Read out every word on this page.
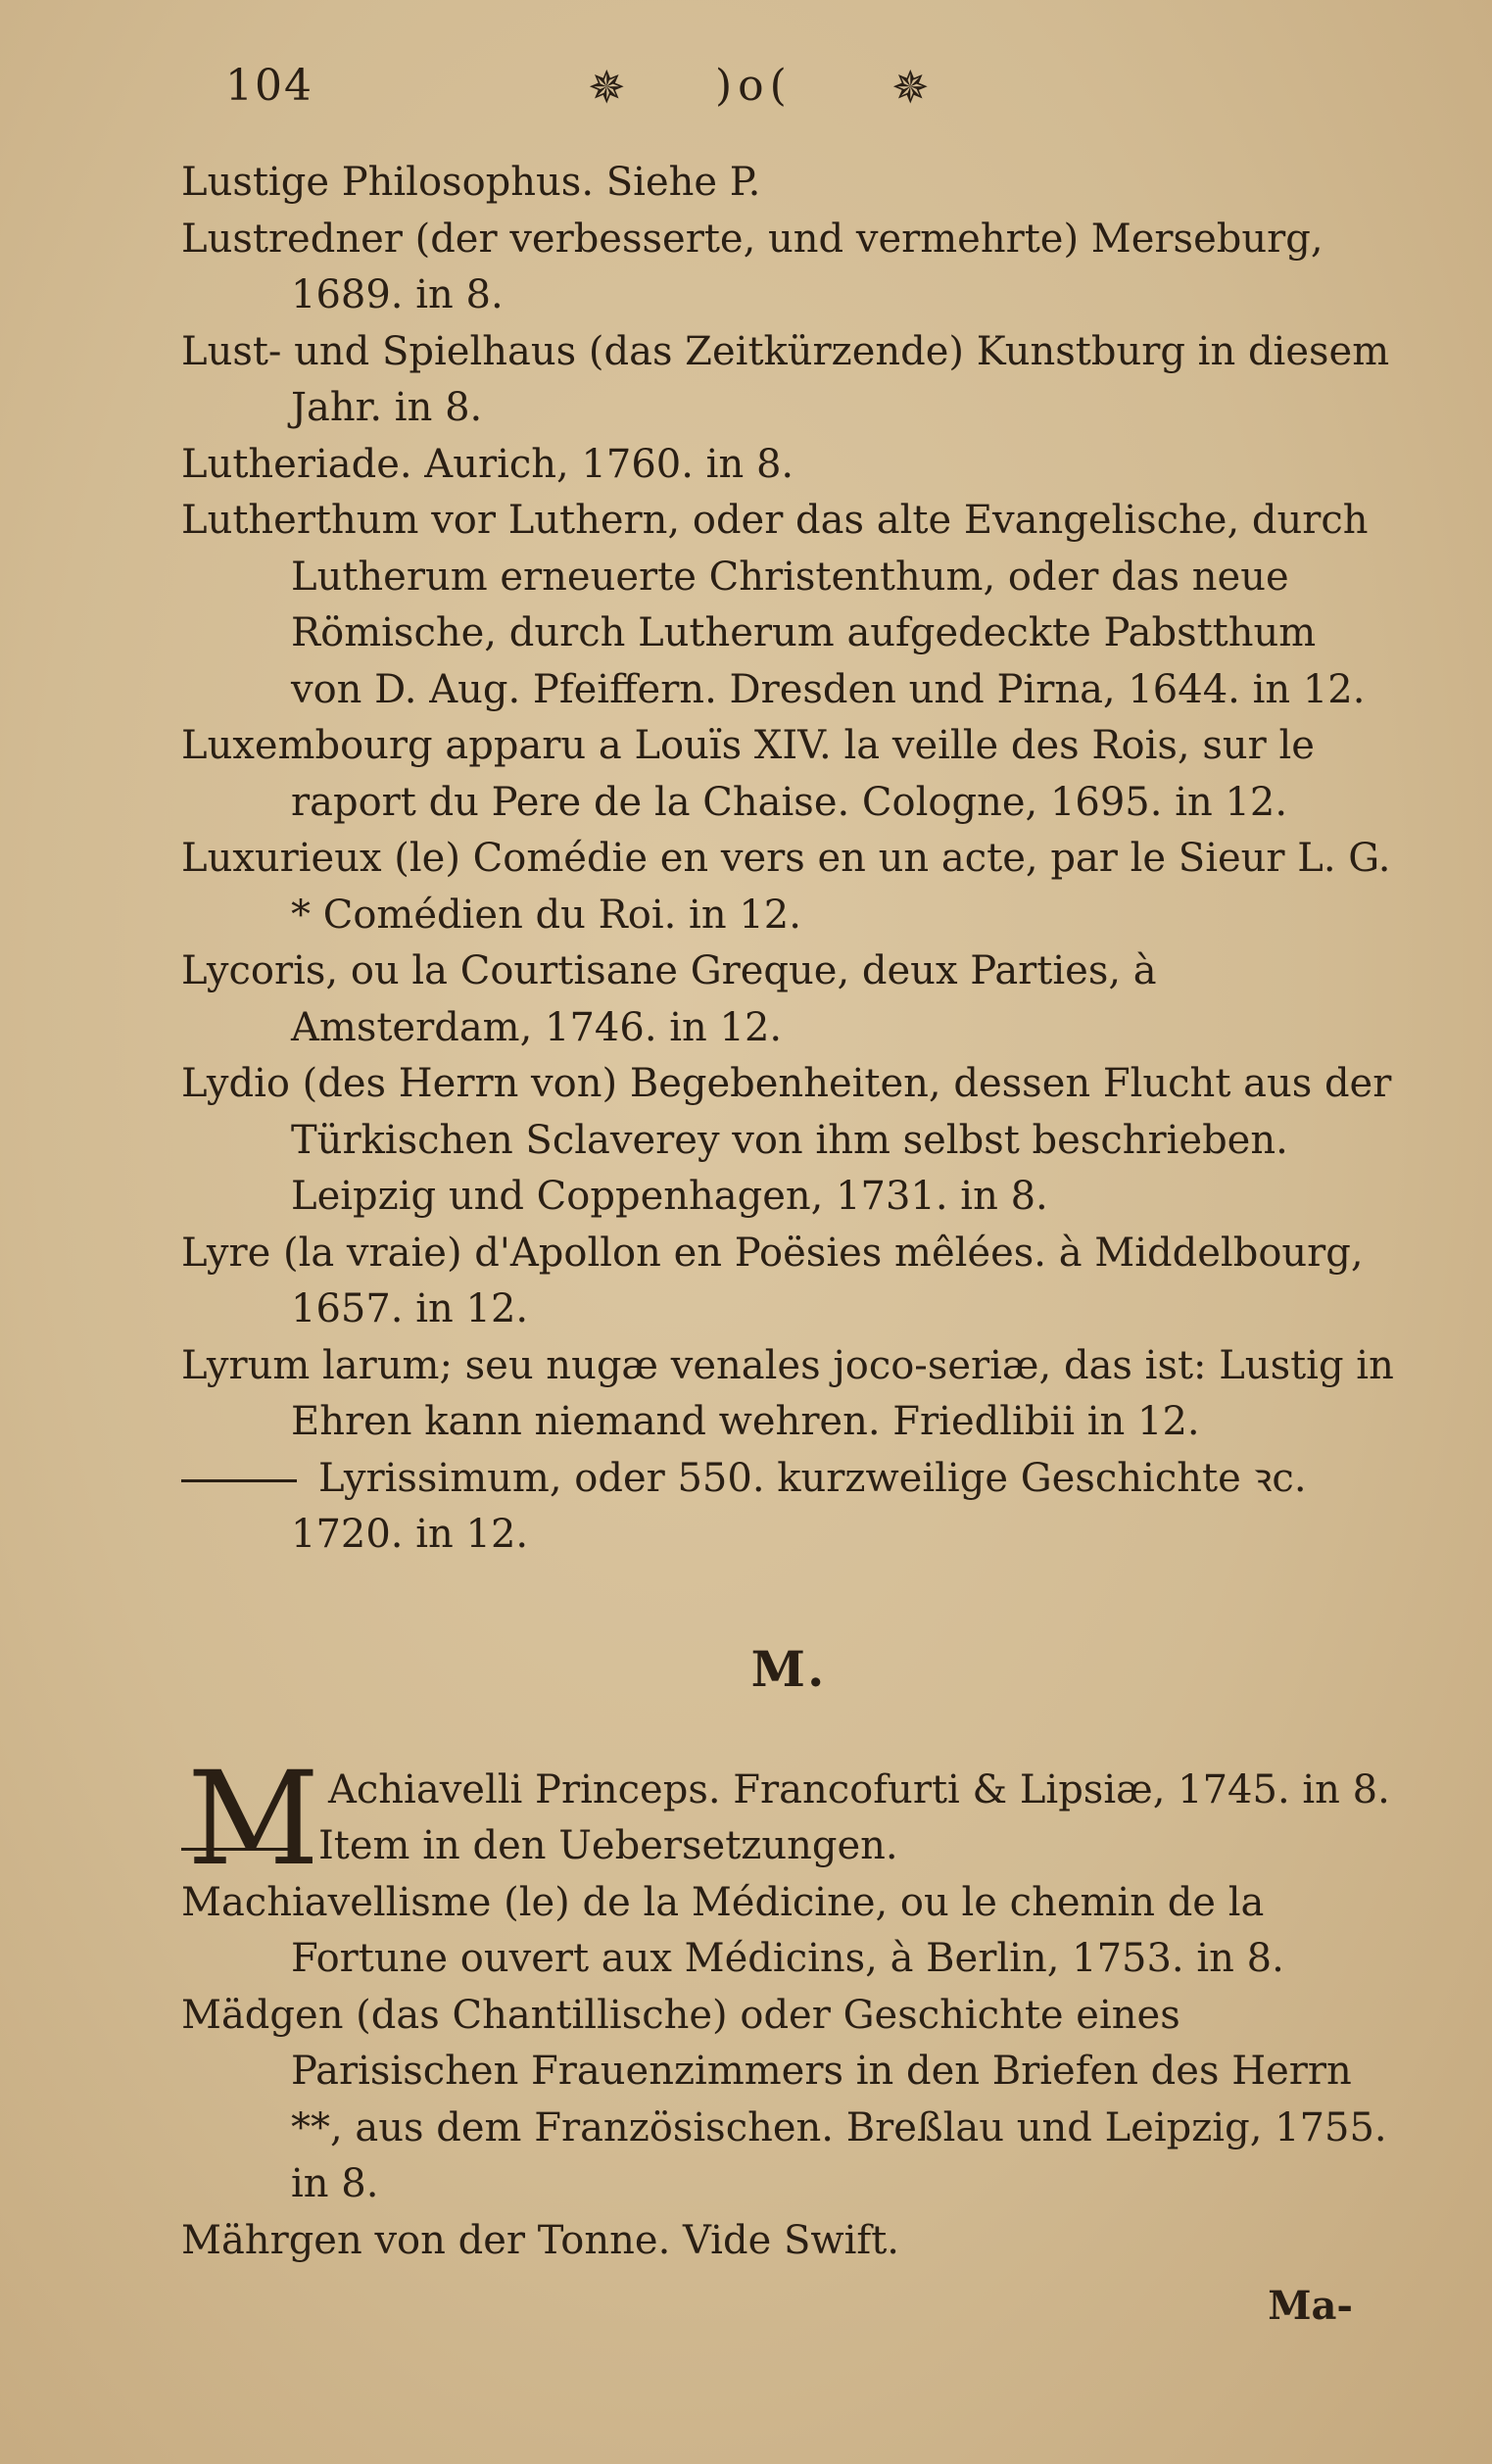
104	✵ )o( ✵

Lustige Philosophus. Siehe P.

Lustredner (der verbesserte, und vermehrte) Merseburg, 1689. in 8.

Lust- und Spielhaus (das Zeitkürzende) Kunstburg in diesem Jahr. in 8.

Lutheriade. Aurich, 1760. in 8.

Lutherthum vor Luthern, oder das alte Evangelische, durch Lutherum erneuerte Christenthum, oder das neue Römische, durch Lutherum aufgedeckte Pabstthum von D. Aug. Pfeiffern. Dresden und Pirna, 1644. in 12.

Luxembourg apparu a Louïs XIV. la veille des Rois, sur le raport du Pere de la Chaise. Cologne, 1695. in 12.

Luxurieux (le) Comédie en vers en un acte, par le Sieur L. G. * Comédien du Roi. in 12.

Lycoris, ou la Courtisane Greque, deux Parties, à Amsterdam, 1746. in 12.

Lydio (des Herrn von) Begebenheiten, dessen Flucht aus der Türkischen Sclaverey von ihm selbst beschrieben. Leipzig und Coppenhagen, 1731. in 8.

Lyre (la vraie) d'Apollon en Poësies mêlées. à Middelbourg, 1657. in 12.

Lyrum larum; seu nugæ venales joco-seriæ, das ist: Lustig in Ehren kann niemand wehren. Friedlibii in 12.

Lyrissimum, oder 550. kurzweilige Geschichte ꝛc. 1720. in 12.

M.

M Achiavelli Princeps. Francofurti & Lipsiæ, 1745. in 8.

Item in den Uebersetzungen.

Machiavellisme (le) de la Médicine, ou le chemin de la Fortune ouvert aux Médicins, à Berlin, 1753. in 8.

Mädgen (das Chantillische) oder Geschichte eines Parisischen Frauenzimmers in den Briefen des Herrn **, aus dem Französischen. Breßlau und Leipzig, 1755. in 8.

Mährgen von der Tonne. Vide Swift.

Ma-
